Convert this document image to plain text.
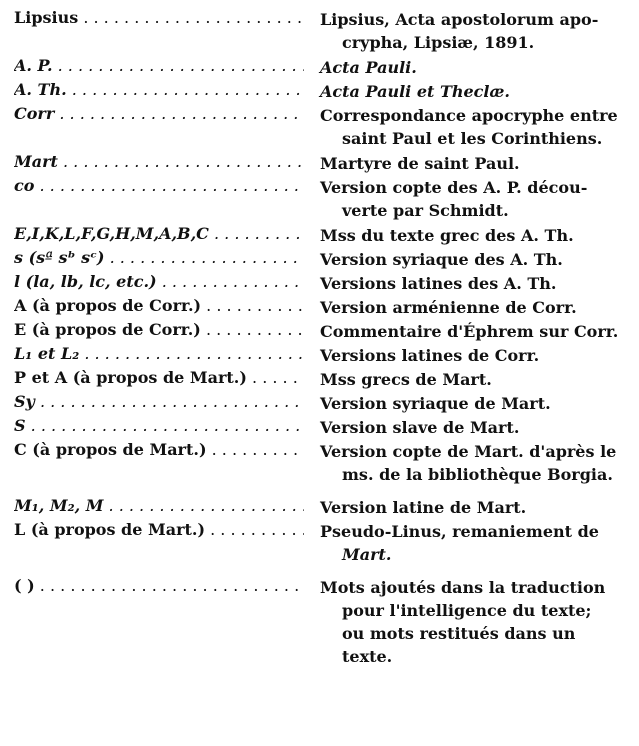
Lipsius . . .	Lipsius, Acta apostolorum apo-
crypha, Lipsiæ, 1891.
A. P. . . .	Acta Pauli.
A. Th. . . .	Acta Pauli et Theclæ.
Corr . . .	Correspondance apocryphe entre
saint Paul et les Corinthiens.
Mart . . .	Martyre de saint Paul.
co . . .	Version copte des A. P. décou-
verte par Schmidt.
E,I,K,L,F,G,H,M,A,B,C . . .	Mss du texte grec des A. Th.
s (sª sᵇ sᶜ) . . .	Version syriaque des A. Th.
l (la, lb, lc, etc.) . . .	Versions latines des A. Th.
A (à propos de Corr.) . . .	Version arménienne de Corr.
E (à propos de Corr.) . . .	Commentaire d'Éphrem sur Corr.
L₁ et L₂ . . .	Versions latines de Corr.
P et A (à propos de Mart.) . . .	Mss grecs de Mart.
Sy . . .	Version syriaque de Mart.
S . . .	Version slave de Mart.
C (à propos de Mart.) . . .	Version copte de Mart. d'après le
ms. de la bibliothèque Borgia.
M₁, M₂, M . . .	Version latine de Mart.
L (à propos de Mart.) . . .	Pseudo-Linus, remaniement de
Mart.
( ) . . .	Mots ajoutés dans la traduction
pour l'intelligence du texte;
ou mots restitués dans un
texte.
